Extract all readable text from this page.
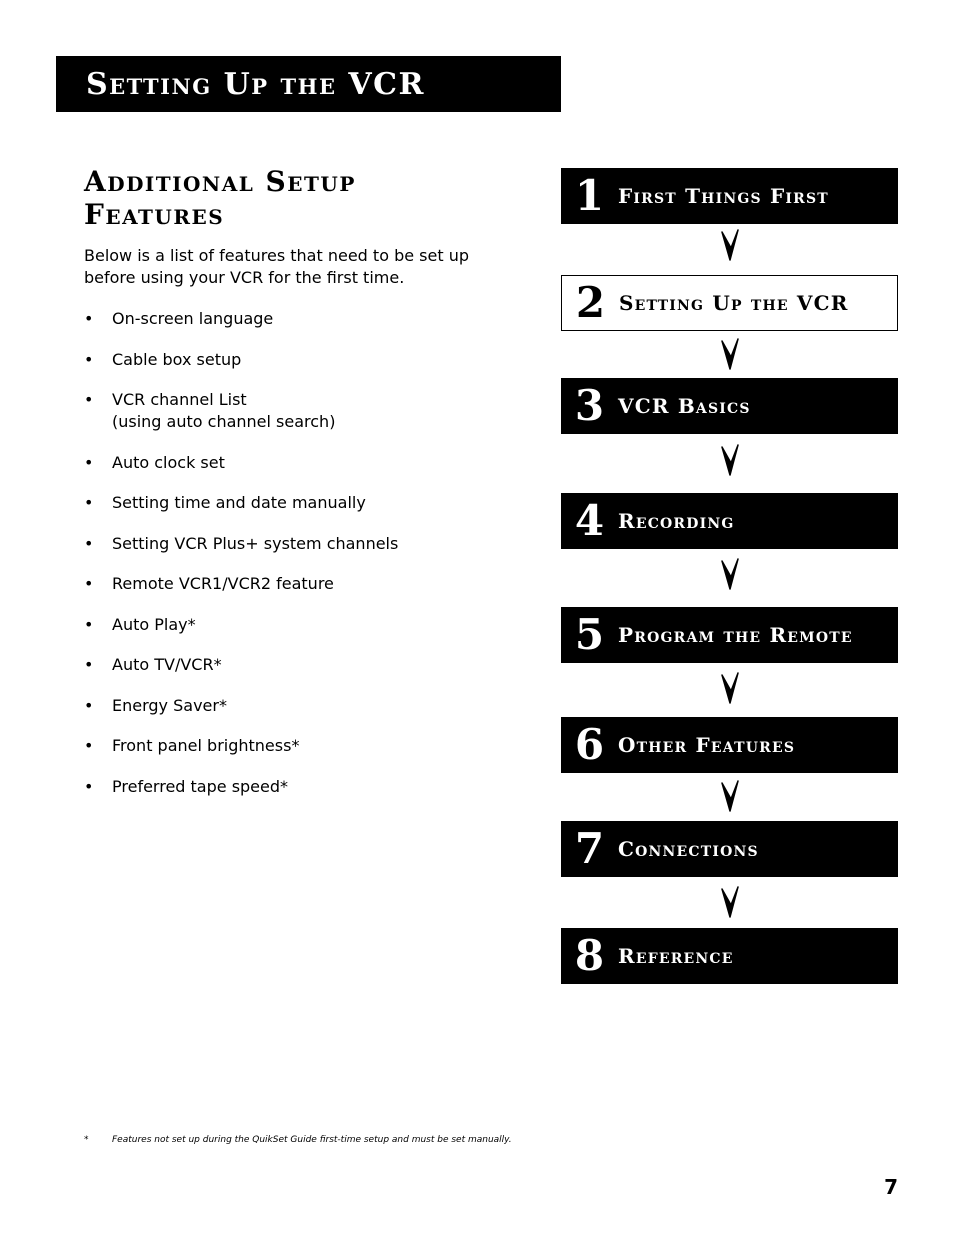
Setting Up the VCR
Additional Setup Features

Below is a list of features that need to be set up before using your VCR for the first time.

• On-screen language
• Cable box setup
• VCR channel List
(using auto channel search)
• Auto clock set
• Setting time and date manually
• Setting VCR Plus+ system channels
• Remote VCR1/VCR2 feature
• Auto Play*
• Auto TV/VCR*
• Energy Saver*
• Front panel brightness*
• Preferred tape speed*
1 First Things First
2 Setting Up the VCR
3 VCR Basics
4 Recording
5 Program the Remote
6 Other Features
7 Connections
8 Reference
*	Features not set up during the QuikSet Guide first-time setup and must be set manually.
7
